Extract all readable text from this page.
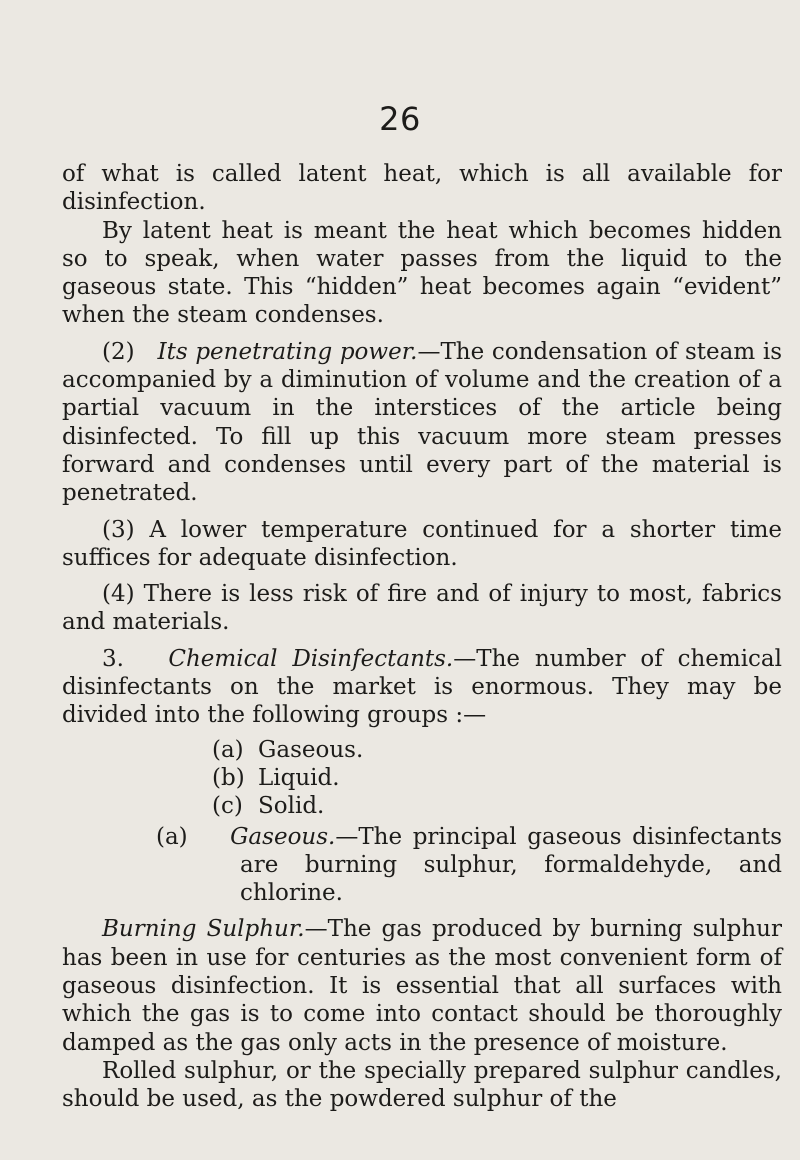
26

of what is called latent heat, which is all available for disinfection.

By latent heat is meant the heat which becomes hidden so to speak, when water passes from the liquid to the gaseous state. This “hidden” heat becomes again “evident” when the steam condenses.

(2) Its penetrating power.—The condensation of steam is accompanied by a diminution of volume and the creation of a partial vacuum in the interstices of the article being disinfected. To fill up this vacuum more steam presses forward and condenses until every part of the material is penetrated.

(3) A lower temperature continued for a shorter time suffices for adequate disinfection.

(4) There is less risk of fire and of injury to most, fabrics and materials.

3. Chemical Disinfectants.—The number of chemical disinfectants on the market is enormous. They may be divided into the following groups :—

(a) Gaseous.
(b) Liquid.
(c) Solid.

(a) Gaseous.—The principal gaseous disinfectants are burning sulphur, formaldehyde, and chlorine.

Burning Sulphur.—The gas produced by burning sulphur has been in use for centuries as the most convenient form of gaseous disinfection. It is essential that all surfaces with which the gas is to come into contact should be thoroughly damped as the gas only acts in the presence of moisture.

Rolled sulphur, or the specially prepared sulphur candles, should be used, as the powdered sulphur of the
